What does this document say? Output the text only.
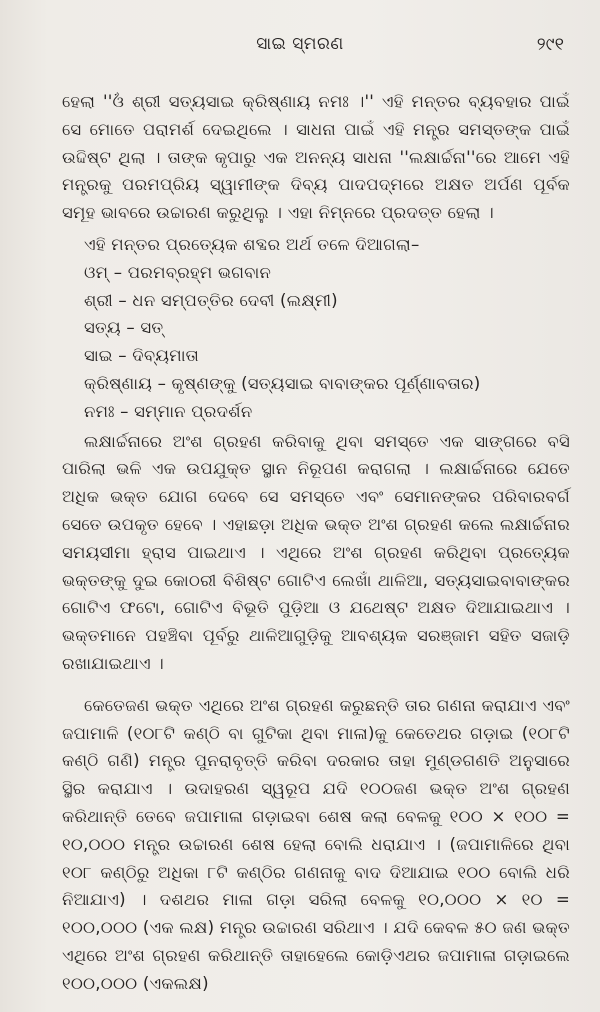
ସାଇ ସ୍ମରଣ	୨୯୧

ହେଲା ''ଓଁ ଶ୍ରୀ ସତ୍ୟସାଇ କ୍ରିଷ୍ଣାୟ ନମଃ ।'' ଏହି ମନ୍ତର ବ୍ୟବହାର ପାଇଁ ସେ ମୋତେ ପରାମର୍ଶ ଦେଇଥିଲେ । ସାଧନା ପାଇଁ ଏହି ମନ୍ତ୍ର ସମସ୍ତଙ୍କ ପାଇଁ ଉଦ୍ଦିଷ୍ଟ ଥିଲା । ତାଙ୍କ କୃପାରୁ ଏକ ଅନନ୍ୟ ସାଧନା ''ଲକ୍ଷାର୍ଚ୍ଚନା''ରେ ଆମେ ଏହି ମନ୍ତ୍ରକୁ ପରମପ୍ରିୟ ସ୍ୱାମୀଙ୍କ ଦିବ୍ୟ ପାଦପଦ୍ମରେ ଅକ୍ଷତ ଅର୍ପଣ ପୂର୍ବକ ସମୂହ ଭାବରେ ଉଚ୍ଚାରଣ କରୁଥିଲୁ । ଏହା ନିମ୍ନରେ ପ୍ରଦତ୍ତ ହେଲା ।

ଏହି ମନ୍ତର ପ୍ରତ୍ୟେକ ଶବ୍ଦର ଅର୍ଥ ତଳେ ଦିଆଗଲା–

ଓମ୍ – ପରମବ୍ରହ୍ମ ଭଗବାନ
ଶ୍ରୀ – ଧନ ସମ୍ପତ୍ତିର ଦେବୀ (ଲକ୍ଷ୍ମୀ)
ସତ୍ୟ – ସତ୍
ସାଇ – ଦିବ୍ୟମାତା
କ୍ରିଷ୍ଣାୟ – କୃଷ୍ଣଙ୍କୁ (ସତ୍ୟସାଇ ବାବାଙ୍କର ପୂର୍ଣ୍ଣାବତାର)
ନମଃ – ସମ୍ମାନ ପ୍ରଦର୍ଶନ

ଲକ୍ଷାର୍ଚ୍ଚନାରେ ଅଂଶ ଗ୍ରହଣ କରିବାକୁ ଥିବା ସମସ୍ତେ ଏକ ସାଙ୍ଗରେ ବସି ପାରିଲା ଭଳି ଏକ ଉପଯୁକ୍ତ ସ୍ଥାନ ନିରୂପଣ କରାଗଲା । ଲକ୍ଷାର୍ଚ୍ଚନାରେ ଯେତେ ଅଧିକ ଭକ୍ତ ଯୋଗ ଦେବେ ସେ ସମସ୍ତେ ଏବଂ ସେମାନଙ୍କର ପରିବାରବର୍ଗ ସେତେ ଉପକୃତ ହେବେ । ଏହାଛଡ଼ା ଅଧିକ ଭକ୍ତ ଅଂଶ ଗ୍ରହଣ କଲେ ଲକ୍ଷାର୍ଚ୍ଚନାର ସମୟସୀମା ହ୍ରାସ ପାଇଥାଏ । ଏଥିରେ ଅଂଶ ଗ୍ରହଣ କରିଥିବା ପ୍ରତ୍ୟେକ ଭକ୍ତଙ୍କୁ ଦୁଇ କୋଠରୀ ବିଶିଷ୍ଟ ଗୋଟିଏ ଲେଖାଁ ଥାଳିଆ, ସତ୍ୟସାଇବାବାଙ୍କର ଗୋଟିଏ ଫଟୋ, ଗୋଟିଏ ବିଭୂତି ପୁଡ଼ିଆ ଓ ଯଥେଷ୍ଟ ଅକ୍ଷତ ଦିଆଯାଇଥାଏ । ଭକ୍ତମାନେ ପହଞ୍ଚିବା ପୂର୍ବରୁ ଥାଳିଆଗୁଡ଼ିକୁ ଆବଶ୍ୟକ ସରଞ୍ଜାମ ସହିତ ସଜାଡ଼ି ରଖାଯାଇଥାଏ ।

କେତେଜଣ ଭକ୍ତ ଏଥିରେ ଅଂଶ ଗ୍ରହଣ କରୁଛନ୍ତି ତାର ଗଣନା କରାଯାଏ ଏବଂ ଜପାମାଳି (୧୦୮ଟି କଣ୍ଠି ବା ଗୁଟିକା ଥିବା ମାଳା)କୁ କେତେଥର ଗଡ଼ାଇ (୧୦୮ଟି କଣ୍ଠି ଗଣି) ମନ୍ତ୍ର ପୁନରାବୃତ୍ତି କରିବା ଦରକାର ତାହା ମୁଣ୍ଡଗଣତି ଅନୁସାରେ ସ୍ଥିର କରାଯାଏ । ଉଦାହରଣ ସ୍ୱରୂପ ଯଦି ୧୦୦ଜଣ ଭକ୍ତ ଅଂଶ ଗ୍ରହଣ କରିଥାନ୍ତି ତେବେ ଜପାମାଳା ଗଡ଼ାଇବା ଶେଷ କଲା ବେଳକୁ ୧୦୦ × ୧୦୦ = ୧୦,୦୦୦ ମନ୍ତ୍ର ଉଚ୍ଚାରଣ ଶେଷ ହେଲା ବୋଲି ଧରାଯାଏ । (ଜପାମାଳିରେ ଥିବା ୧୦୮ କଣ୍ଠିରୁ ଅଧିକା ୮ଟି କଣ୍ଠିର ଗଣନାକୁ ବାଦ ଦିଆଯାଇ ୧୦୦ ବୋଲି ଧରି ନିଆଯାଏ) । ଦଶଥର ମାଳା ଗଡ଼ା ସରିଲା ବେଳକୁ ୧୦,୦୦୦ × ୧୦ = ୧୦୦,୦୦୦ (ଏକ ଲକ୍ଷ) ମନ୍ତ୍ର ଉଚ୍ଚାରଣ ସରିଥାଏ । ଯଦି କେବଳ ୫୦ ଜଣ ଭକ୍ତ ଏଥିରେ ଅଂଶ ଗ୍ରହଣ କରିଥାନ୍ତି ତାହାହେଲେ କୋଡ଼ିଏଥର ଜପାମାଳା ଗଡ଼ାଇଲେ ୧୦୦,୦୦୦ (ଏକଲକ୍ଷ)
